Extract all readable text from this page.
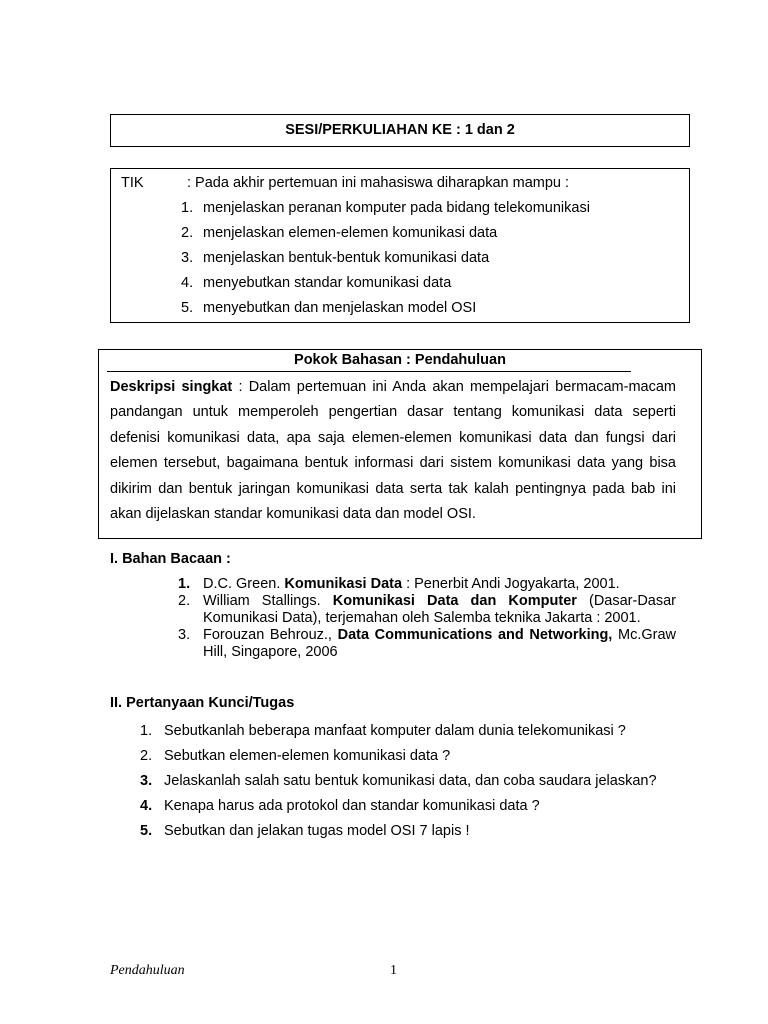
SESI/PERKULIAHAN KE : 1 dan 2
TIK	: Pada akhir pertemuan ini mahasiswa diharapkan mampu :
1. menjelaskan peranan komputer pada bidang telekomunikasi
2. menjelaskan elemen-elemen komunikasi data
3. menjelaskan bentuk-bentuk komunikasi data
4. menyebutkan standar komunikasi data
5. menyebutkan dan menjelaskan model OSI
Pokok Bahasan : Pendahuluan

Deskripsi singkat : Dalam pertemuan ini Anda akan mempelajari bermacam-macam pandangan untuk memperoleh pengertian dasar tentang komunikasi data seperti defenisi komunikasi data, apa saja elemen-elemen komunikasi data dan fungsi dari elemen tersebut, bagaimana bentuk informasi dari sistem komunikasi data yang bisa dikirim dan bentuk jaringan komunikasi data serta tak kalah pentingnya pada bab ini akan dijelaskan standar komunikasi data dan model OSI.

I. Bahan Bacaan :
1. D.C. Green. Komunikasi Data : Penerbit Andi Jogyakarta, 2001.
2. William Stallings. Komunikasi Data dan Komputer (Dasar-Dasar Komunikasi Data), terjemahan oleh Salemba teknika Jakarta : 2001.
3. Forouzan Behrouz., Data Communications and Networking, Mc.Graw Hill, Singapore, 2006
II. Pertanyaan Kunci/Tugas
1. Sebutkanlah beberapa manfaat komputer dalam dunia telekomunikasi ?
2. Sebutkan elemen-elemen komunikasi data ?
3. Jelaskanlah salah satu bentuk komunikasi data, dan coba saudara jelaskan?
4. Kenapa harus ada protokol dan standar komunikasi data ?
5. Sebutkan dan jelakan tugas model OSI 7 lapis !
Pendahuluan	1
